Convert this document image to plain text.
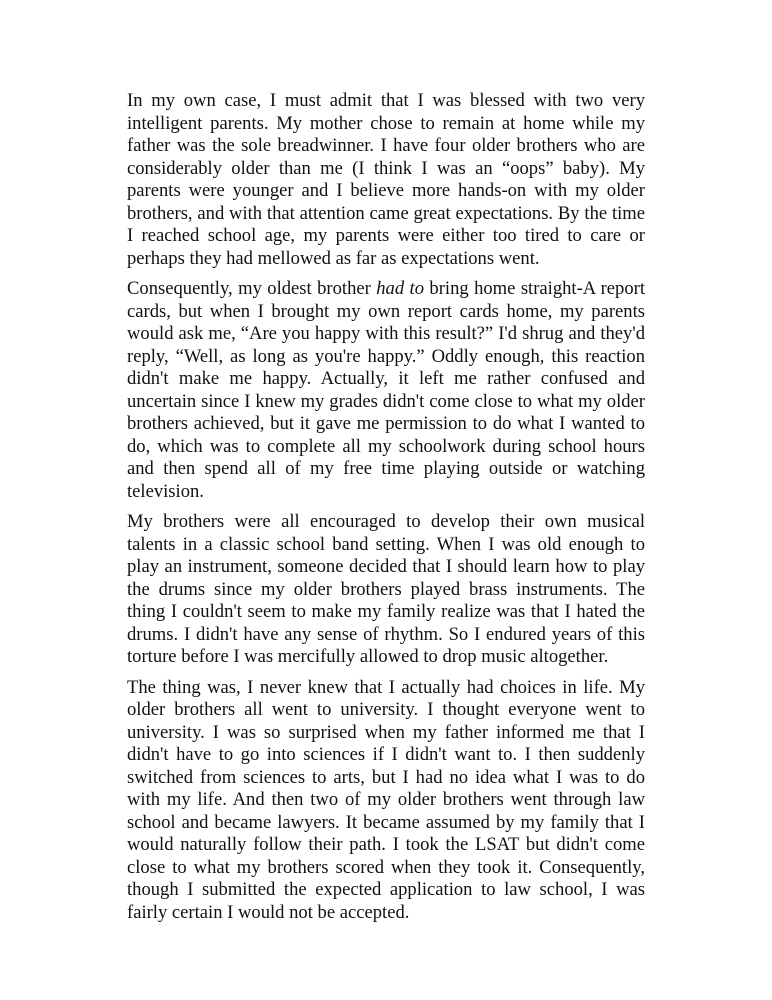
In my own case, I must admit that I was blessed with two very intelligent parents. My mother chose to remain at home while my father was the sole breadwinner. I have four older brothers who are considerably older than me (I think I was an “oops” baby). My parents were younger and I believe more hands-on with my older brothers, and with that attention came great expectations. By the time I reached school age, my parents were either too tired to care or perhaps they had mellowed as far as expectations went.

Consequently, my oldest brother had to bring home straight-A report cards, but when I brought my own report cards home, my parents would ask me, “Are you happy with this result?” I'd shrug and they'd reply, “Well, as long as you're happy.” Oddly enough, this reaction didn't make me happy. Actually, it left me rather confused and uncertain since I knew my grades didn't come close to what my older brothers achieved, but it gave me permission to do what I wanted to do, which was to complete all my schoolwork during school hours and then spend all of my free time playing outside or watching television.

My brothers were all encouraged to develop their own musical talents in a classic school band setting. When I was old enough to play an instrument, someone decided that I should learn how to play the drums since my older brothers played brass instruments. The thing I couldn't seem to make my family realize was that I hated the drums. I didn't have any sense of rhythm. So I endured years of this torture before I was mercifully allowed to drop music altogether.

The thing was, I never knew that I actually had choices in life. My older brothers all went to university. I thought everyone went to university. I was so surprised when my father informed me that I didn't have to go into sciences if I didn't want to. I then suddenly switched from sciences to arts, but I had no idea what I was to do with my life. And then two of my older brothers went through law school and became lawyers. It became assumed by my family that I would naturally follow their path. I took the LSAT but didn't come close to what my brothers scored when they took it. Consequently, though I submitted the expected application to law school, I was fairly certain I would not be accepted.
